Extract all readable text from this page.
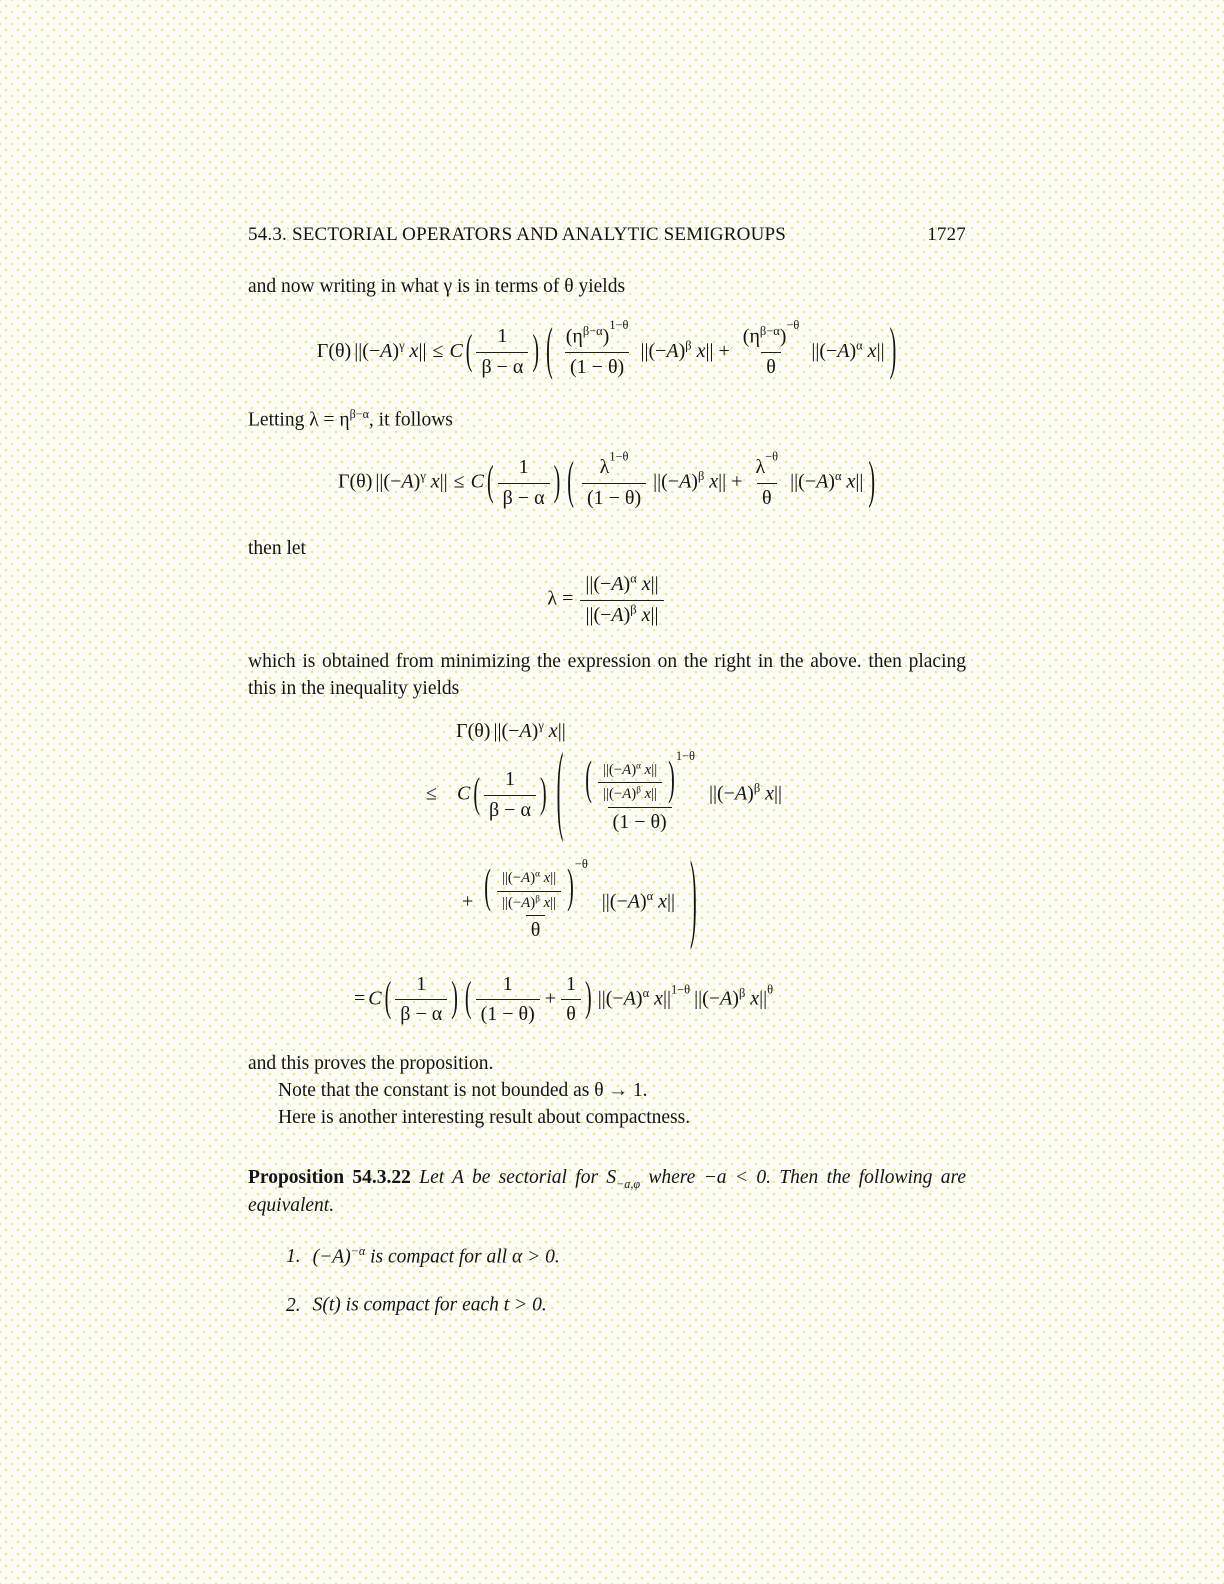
54.3. SECTORIAL OPERATORS AND ANALYTIC SEMIGROUPS	1727

and now writing in what γ is in terms of θ yields

Γ(θ) $||(-A)^\gamma$ x|| ≤ C ( $\frac{1}{\beta - \alpha}$ ) ( $\frac{(\eta^{\beta-\alpha})^{1-\theta}}{(1 - \theta)} ||(-A)^\beta$ $x|| + \frac{(\eta^{\beta-\alpha})^{-\theta}}{\theta} ||(-A)^\alpha$ x|| )

Letting $\lambda = \eta^{\beta-\alpha}$, it follows

Γ(θ) $||(-A)^\gamma$ x|| ≤ C ( $\frac{1}{\beta - \alpha}$ ) ( $\frac{\lambda^{1-\theta}}{(1 - \theta)} ||(-A)^\beta$ $x|| + \frac{\lambda^{-\theta}}{\theta} ||(-A)^\alpha$ x|| )

then let

$\lambda = \frac{||(-A)^\alpha x||}{||(-A)^\beta x||}$

which is obtained from minimizing the expression on the right in the above. then placing this in the inequality yields

Γ(θ) $||(-A)^\gamma$ x||
≤ C ( $\frac{1}{\beta - \alpha}$ ) ( $\frac{( \frac{||(-A)^\alpha x||}{||(-A)^\beta x||} )^{1-\theta}}{(1 - \theta)} ||(-A)^\beta$ x||
+ $\frac{( \frac{||(-A)^\alpha x||}{||(-A)^\beta x||} )^{-\theta}}{\theta} ||(-A)^\alpha$ x|| )
= C ( $\frac{1}{\beta - \alpha}$ ) ( $\frac{1}{(1 - \theta)} + \frac{1}{\theta}$ ) $||(-A)^\alpha$ $x||^{1-\theta}$ $||(-A)^\beta$ $x||^\theta$

and this proves the proposition.

Note that the constant is not bounded as θ → 1.

Here is another interesting result about compactness.

Proposition 54.3.22 Let A be sectorial for $S_{-a,\varphi}$ where −a < 0. Then the following are equivalent.

1. $(-A)^{-\alpha}$ is compact for all α > 0.
2. S(t) is compact for each t > 0.
